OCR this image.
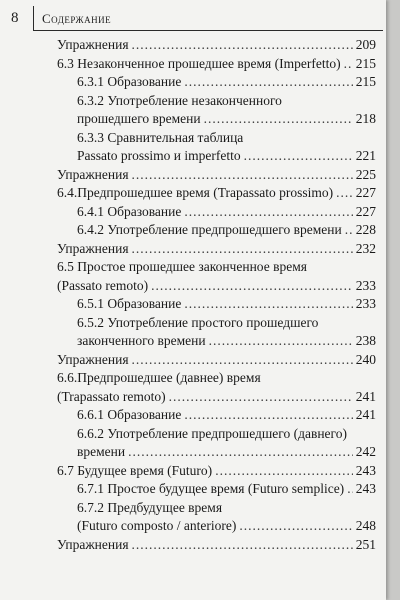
8 Содержание
Упражнения .....	209
6.3 Незаконченное прошедшее время (Imperfetto) ..... 215
6.3.1 Образование .....	215
6.3.2 Употребление незаконченного
прошедшего времени .....	218
6.3.3 Сравнительная таблица
Passato prossimo и imperfetto .....	221
Упражнения .....	225
6.4.Предпрошедшее время (Trapassato prossimo) ..... 227
6.4.1 Образование .....	227
6.4.2 Употребление предпрошедшего времени ..... 228
Упражнения .....	232
6.5 Простое прошедшее законченное время
(Passato remoto) .....	233
6.5.1 Образование .....	233
6.5.2 Употребление простого прошедшего
законченного времени .....	238
Упражнения .....	240
6.6.Предпрошедшее (давнее) время
(Trapassato remoto) .....	241
6.6.1 Образование .....	241
6.6.2 Употребление предпрошедшего (давнего)
времени .....	242
6.7 Будущее время (Futuro) .....	243
6.7.1 Простое будущее время (Futuro semplice) ..... 243
6.7.2 Предбудущее время
(Futuro composto / anteriore) .....	248
Упражнения .....	251
